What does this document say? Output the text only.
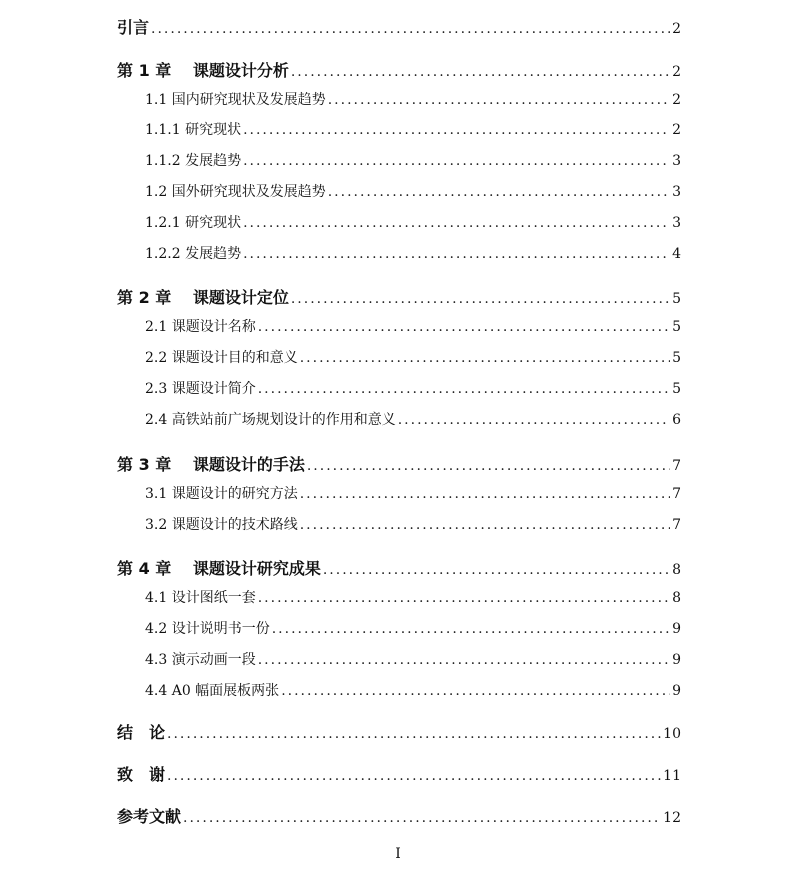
引言 .....	2
第 1 章　 课题设计分析 .....	2
1.1 国内研究现状及发展趋势 .....	2
1.1.1 研究现状 .....	2
1.1.2 发展趋势 .....	3
1.2 国外研究现状及发展趋势 .....	3
1.2.1 研究现状 .....	3
1.2.2 发展趋势 .....	4
第 2 章　 课题设计定位 .....	5
2.1 课题设计名称 .....	5
2.2 课题设计目的和意义 .....	5
2.3 课题设计简介 .....	5
2.4 高铁站前广场规划设计的作用和意义 .....	6
第 3 章　 课题设计的手法 .....	7
3.1 课题设计的研究方法 .....	7
3.2 课题设计的技术路线 .....	7
第 4 章　 课题设计研究成果 .....	8
4.1 设计图纸一套 .....	8
4.2 设计说明书一份 .....	9
4.3 演示动画一段 .....	9
4.4 A0 幅面展板两张 .....	9
结　论 .....	10
致　谢 .....	11
参考文献 .....	12
I
